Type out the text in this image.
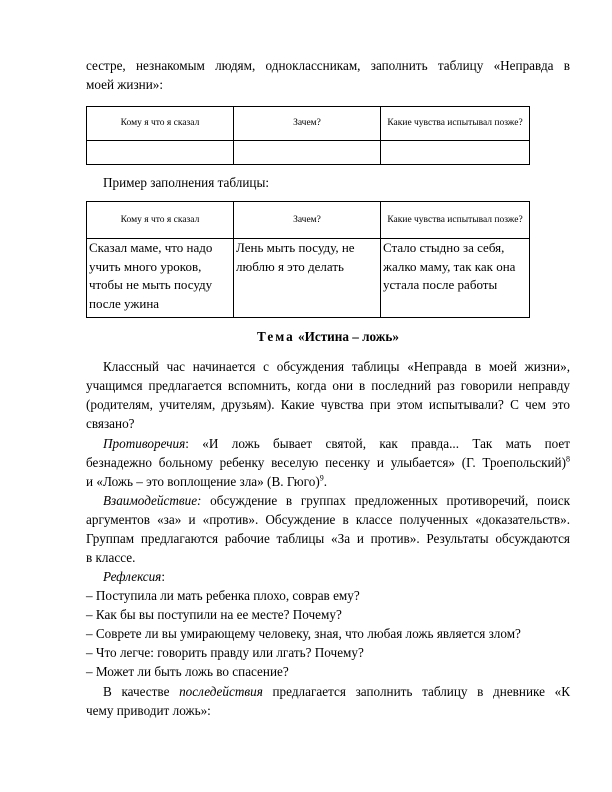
сестре, незнакомым людям, одноклассникам, заполнить таблицу «Неправда в
моей жизни»:
Кому я что я сказал	Зачем?	Какие чувства испытывал позже?

Пример заполнения таблицы:
Кому я что я сказал	Зачем?	Какие чувства испытывал позже?
Сказал маме, что надо учить много уроков, чтобы не мыть посуду после ужина	Лень мыть посуду, не люблю я это делать	Стало стыдно за себя, жалко маму, так как она устала после работы
Тема «Истина – ложь»
Классный час начинается с обсуждения таблицы «Неправда в моей жизни»,
учащимся предлагается вспомнить, когда они в последний раз говорили неправду
(родителям, учителям, друзьям). Какие чувства при этом испытывали? С чем это
связано?
Противоречия: «И ложь бывает святой, как правда... Так мать поет
безнадежно больному ребенку веселую песенку и улыбается» (Г. Троепольский)$^8$
и «Ложь – это воплощение зла» (В. Гюго)$^9$.
Взаимодействие: обсуждение в группах предложенных противоречий, поиск
аргументов «за» и «против». Обсуждение в классе полученных «доказательств».
Группам предлагаются рабочие таблицы «За и против». Результаты обсуждаются
в классе.
Рефлексия:
– Поступила ли мать ребенка плохо, соврав ему?
– Как бы вы поступили на ее месте? Почему?
– Соврете ли вы умирающему человеку, зная, что любая ложь является злом?
– Что легче: говорить правду или лгать? Почему?
– Может ли быть ложь во спасение?
В качестве последействия предлагается заполнить таблицу в дневнике «К
чему приводит ложь»:
